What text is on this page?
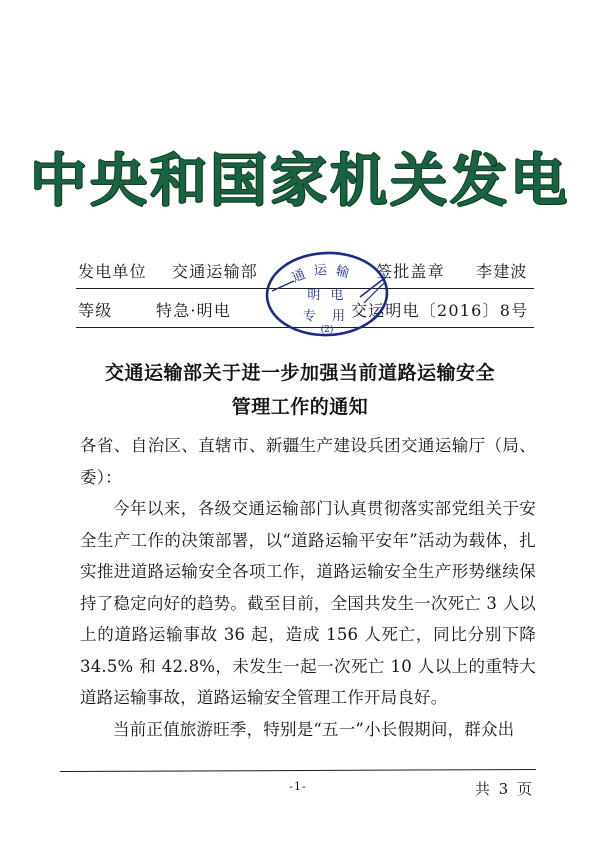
中央和国家机关发电
发电单位 交通运输部	签批盖章 李建波
等级	特急·明电	交运明电〔2016〕8号
通 运 输
明 电
专 用
(2)
交通运输部关于进一步加强当前道路运输安全
管理工作的通知

各省、自治区、直辖市、新疆生产建设兵团交通运输厅（局、委）：

今年以来，各级交通运输部门认真贯彻落实部党组关于安全生产工作的决策部署，以“道路运输平安年”活动为载体，扎实推进道路运输安全各项工作，道路运输安全生产形势继续保持了稳定向好的趋势。截至目前，全国共发生一次死亡 3 人以上的道路运输事故 36 起，造成 156 人死亡，同比分别下降 34.5% 和 42.8%，未发生一起一次死亡 10 人以上的重特大道路运输事故，道路运输安全管理工作开局良好。

当前正值旅游旺季，特别是“五一”小长假期间，群众出

-1-	共 3 页
